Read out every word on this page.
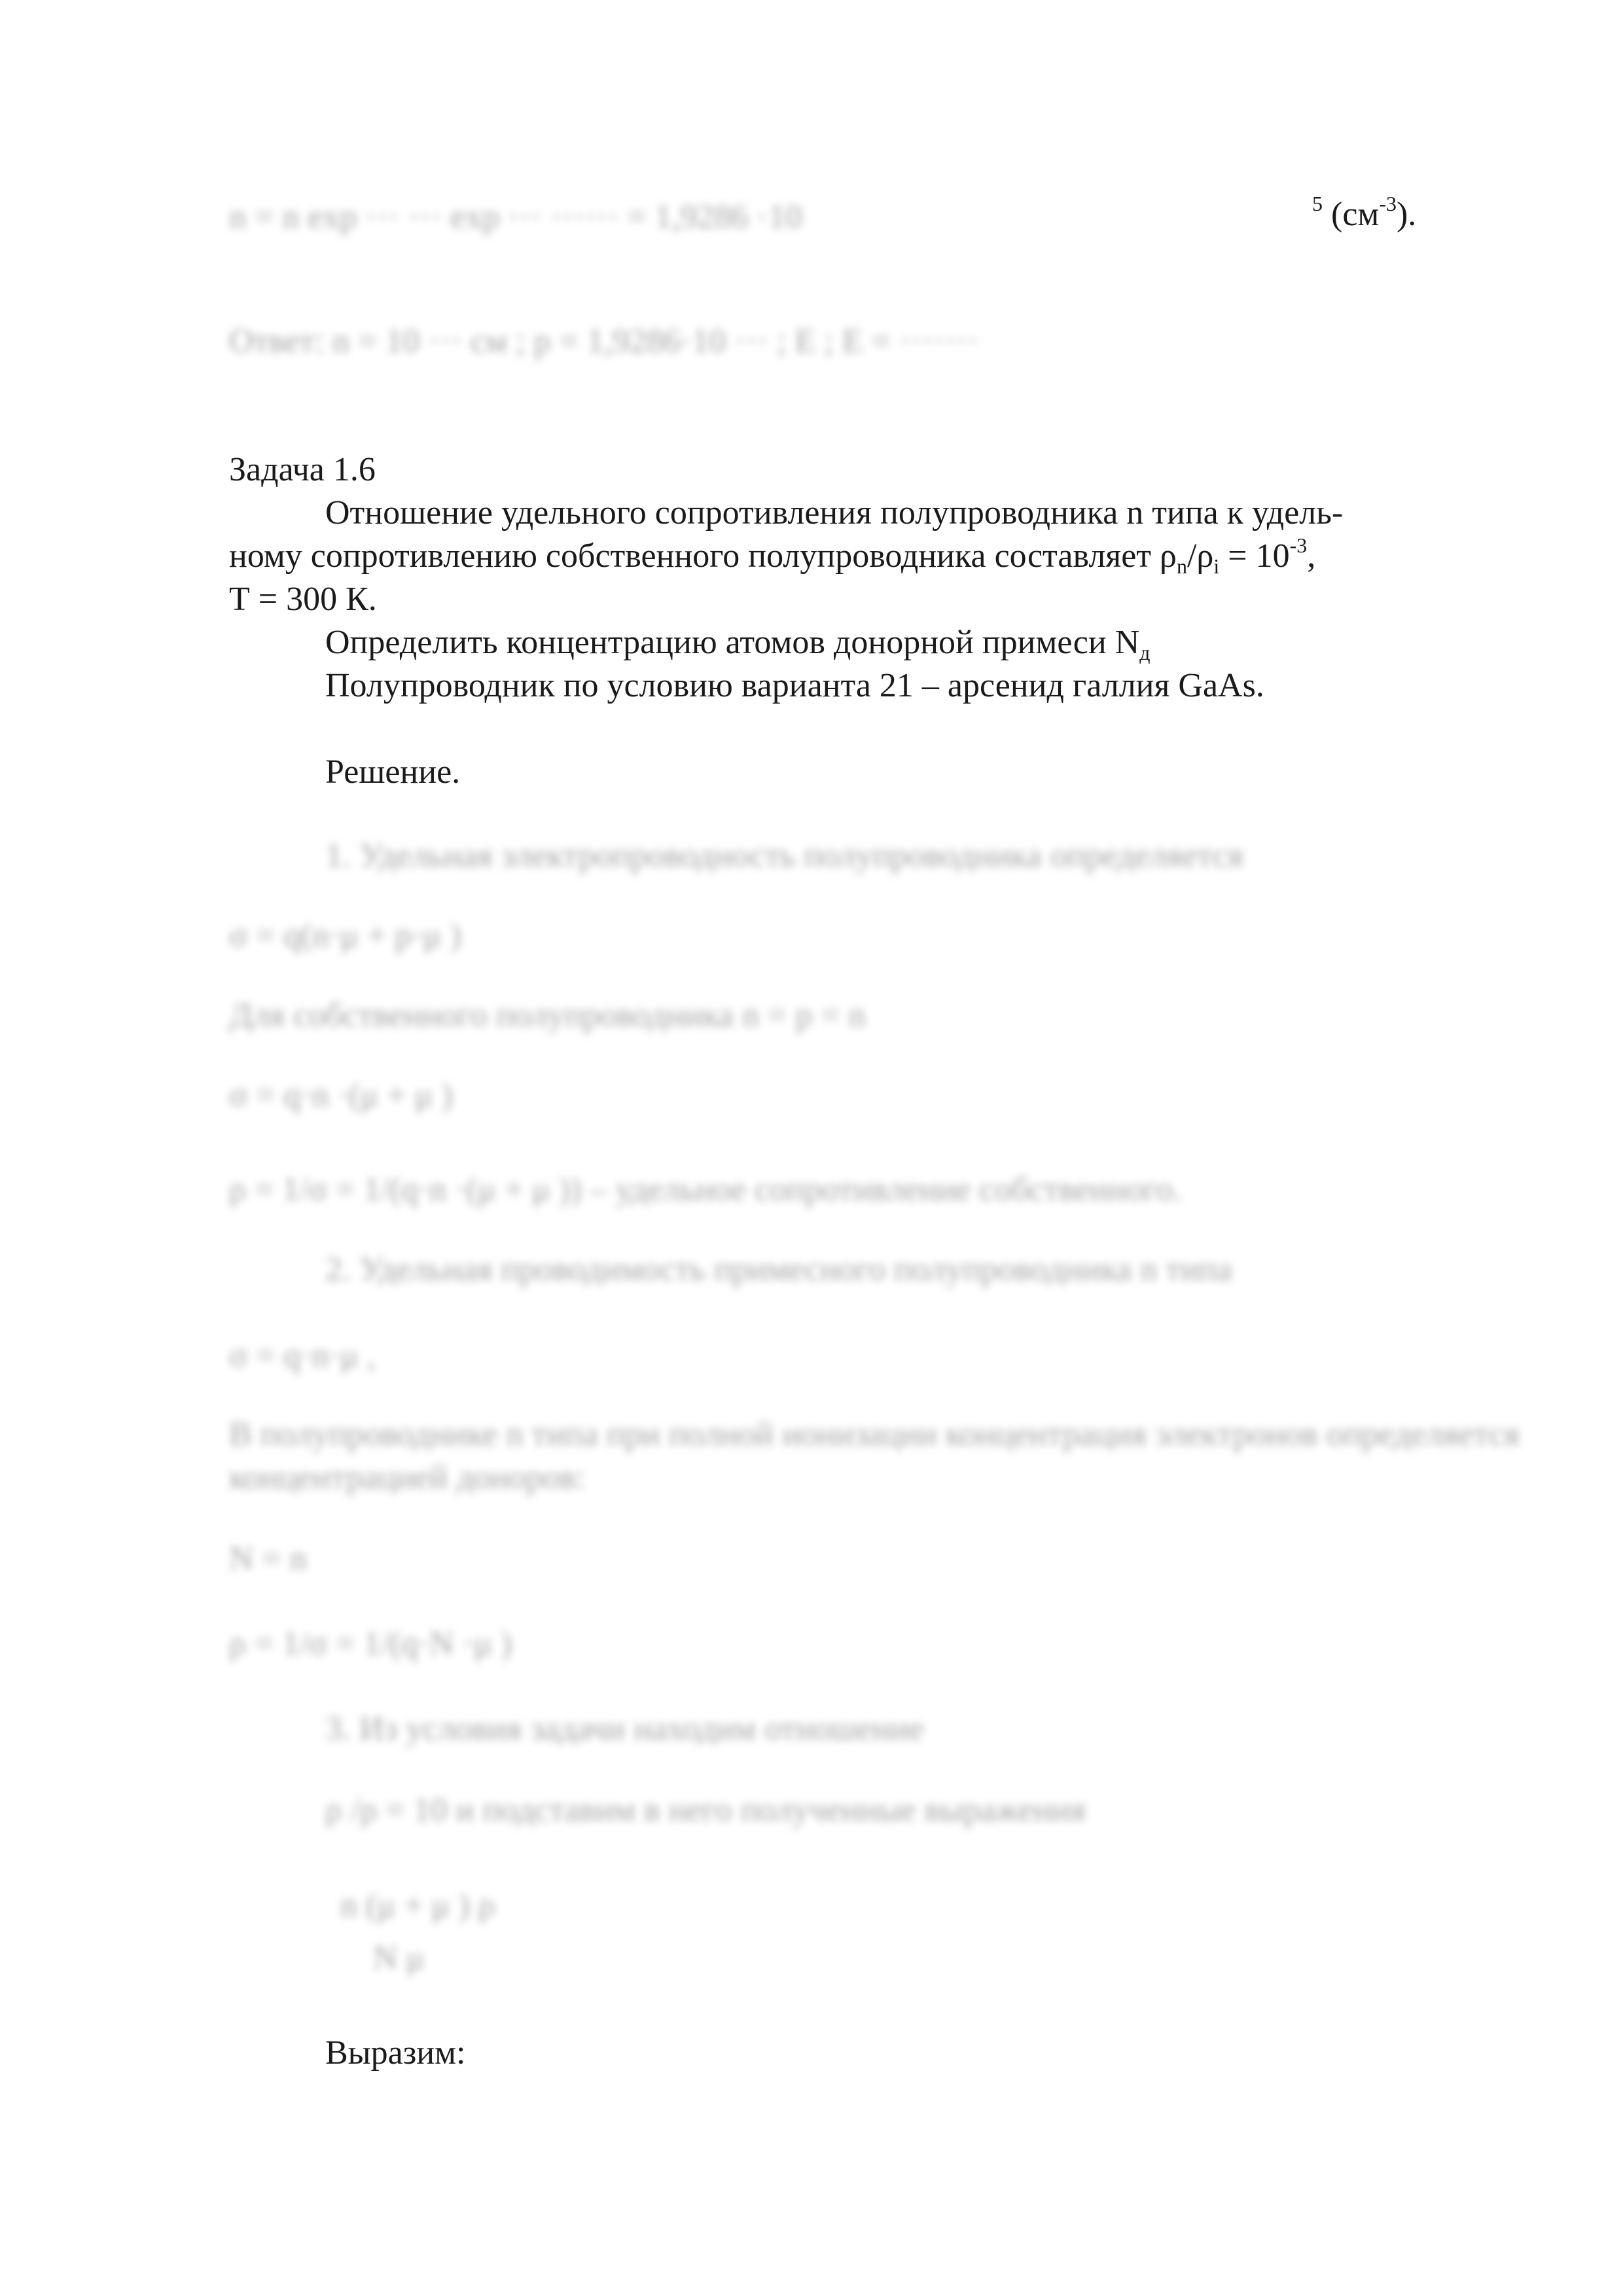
n = n exp ··· ··· exp ··· ······ = 1,9286 ·10	$^5$ $(см^{-3})$.
Ответ: n = 10 ··· см ; p = 1,9286·10 ··· ; E ; E = ·······
Задача 1.6
Отношение удельного сопротивления полупроводника n типа к удель-
ному сопротивлению собственного полупроводника составляет $\rho_n/\rho_i = 10^{-3}$,
Т = 300 К.
Определить концентрацию атомов донорной примеси $N_д$
Полупроводник по условию варианта 21 – арсенид галлия GaAs.
Решение.
1. Удельная электропроводность полупроводника определяется
σ = q(n·μ + p·μ )
Для собственного полупроводника n = p = n
σ = q·n ·(μ + μ )
ρ = 1/σ = 1/(q·n ·(μ + μ )) – удельное сопротивление собственного.
2. Удельная проводимость примесного полупроводника n типа
σ = q·n·μ ,
В полупроводнике n типа при полной ионизации концентрация электронов определяется
концентрацией доноров:
N = n
ρ = 1/σ = 1/(q·N ·μ )
3. Из условия задачи находим отношение
ρ /ρ = 10 и подставим в него полученные выражения
n (μ + μ ) ρ
N μ
Выразим:
